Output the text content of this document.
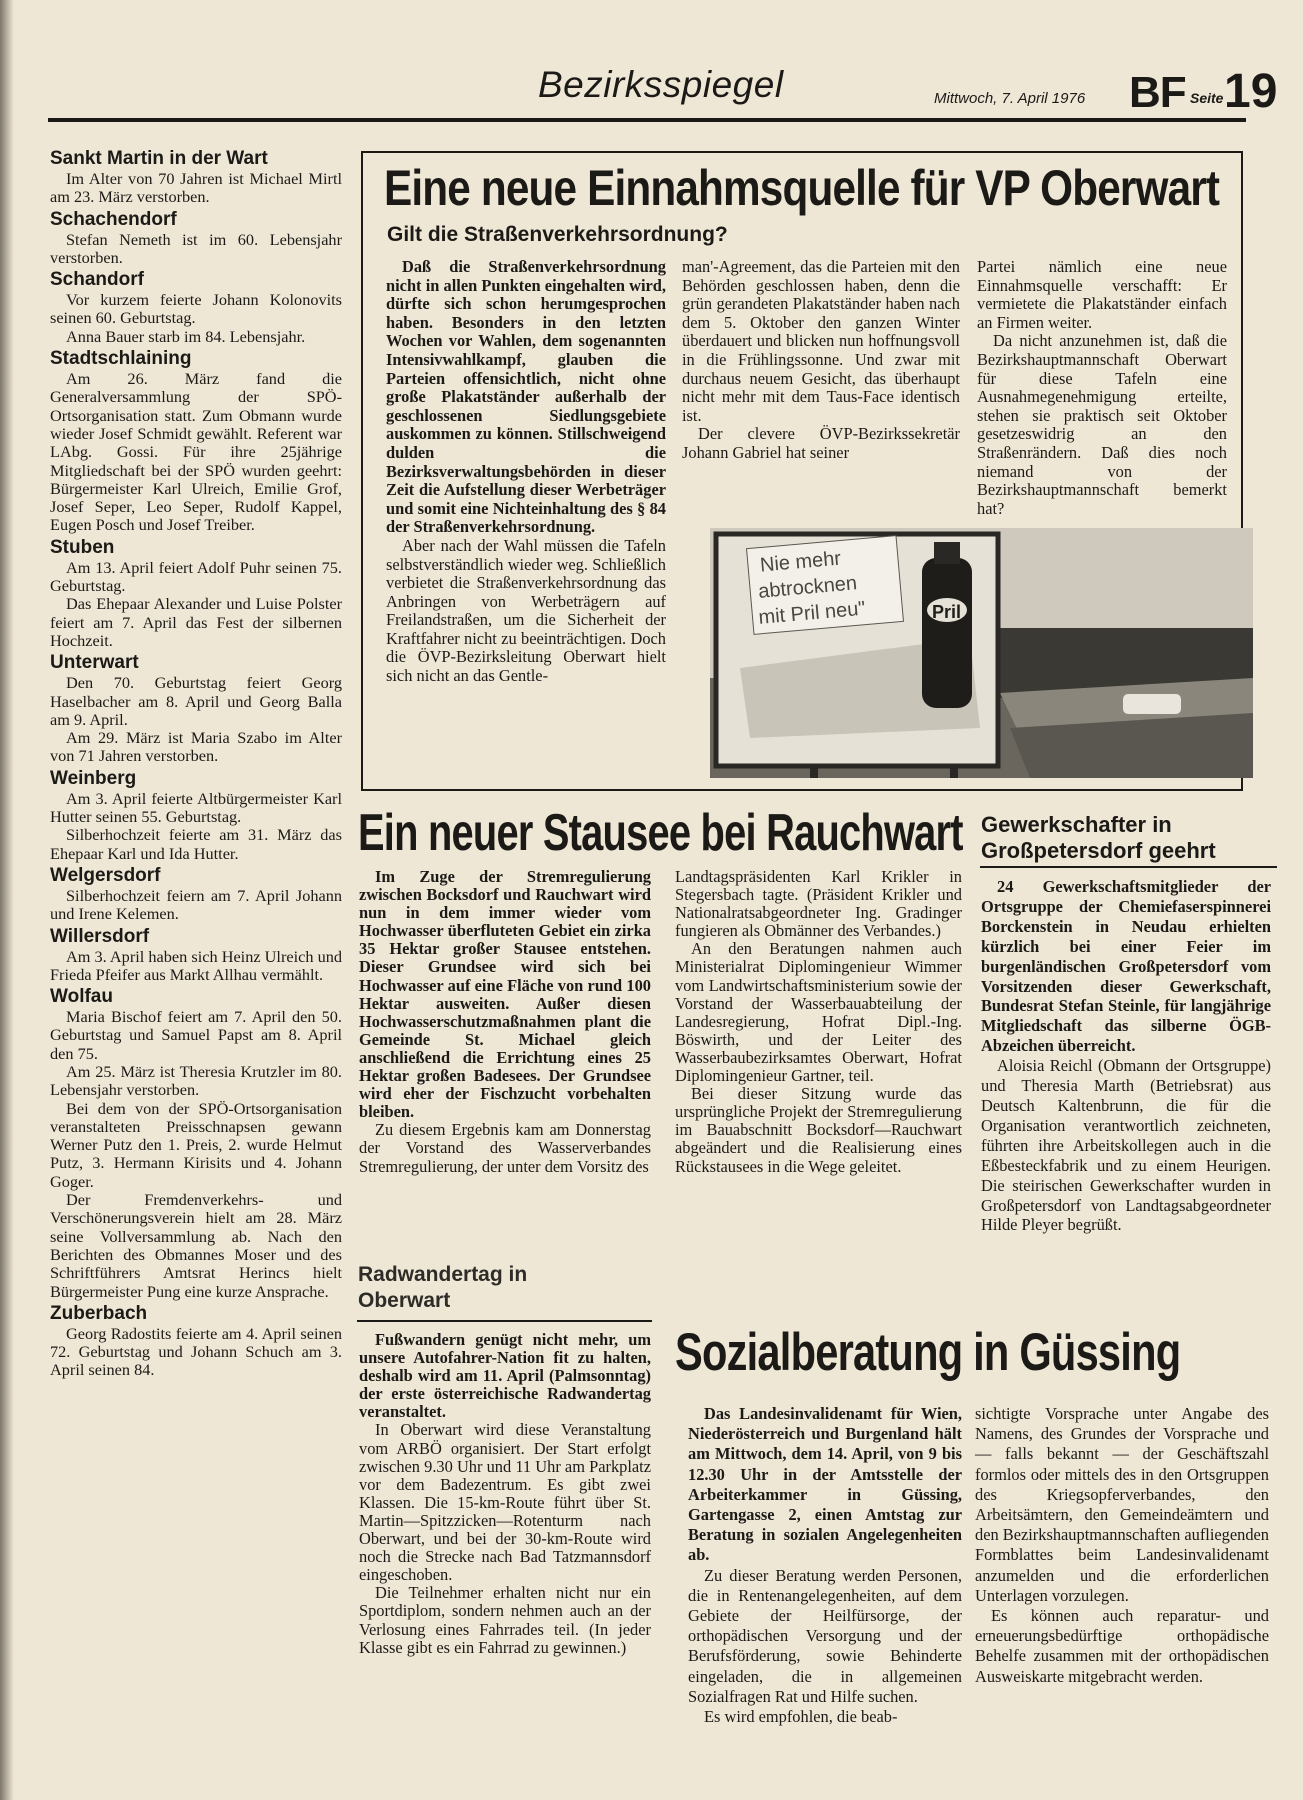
Bezirksspiegel	Mittwoch, 7. April 1976 BF Seite 19
Sankt Martin in der Wart

Im Alter von 70 Jahren ist Michael Mirtl am 23. März verstorben.

Schachendorf

Stefan Nemeth ist im 60. Lebensjahr verstorben.

Schandorf

Vor kurzem feierte Johann Kolonovits seinen 60. Geburtstag.

Anna Bauer starb im 84. Lebensjahr.

Stadtschlaining

Am 26. März fand die Generalversammlung der SPÖ-Ortsorganisation statt. Zum Obmann wurde wieder Josef Schmidt gewählt. Referent war LAbg. Gossi. Für ihre 25jährige Mitgliedschaft bei der SPÖ wurden geehrt: Bürgermeister Karl Ulreich, Emilie Grof, Josef Seper, Leo Seper, Rudolf Kappel, Eugen Posch und Josef Treiber.

Stuben

Am 13. April feiert Adolf Puhr seinen 75. Geburtstag.

Das Ehepaar Alexander und Luise Polster feiert am 7. April das Fest der silbernen Hochzeit.

Unterwart

Den 70. Geburtstag feiert Georg Haselbacher am 8. April und Georg Balla am 9. April.

Am 29. März ist Maria Szabo im Alter von 71 Jahren verstorben.

Weinberg

Am 3. April feierte Altbürgermeister Karl Hutter seinen 55. Geburtstag.

Silberhochzeit feierte am 31. März das Ehepaar Karl und Ida Hutter.

Welgersdorf

Silberhochzeit feiern am 7. April Johann und Irene Kelemen.

Willersdorf

Am 3. April haben sich Heinz Ulreich und Frieda Pfeifer aus Markt Allhau vermählt.

Wolfau

Maria Bischof feiert am 7. April den 50. Geburtstag und Samuel Papst am 8. April den 75.

Am 25. März ist Theresia Krutzler im 80. Lebensjahr verstorben.

Bei dem von der SPÖ-Ortsorganisation veranstalteten Preisschnapsen gewann Werner Putz den 1. Preis, 2. wurde Helmut Putz, 3. Hermann Kirisits und 4. Johann Goger.

Der Fremdenverkehrs- und Verschönerungsverein hielt am 28. März seine Vollversammlung ab. Nach den Berichten des Obmannes Moser und des Schriftführers Amtsrat Herincs hielt Bürgermeister Pung eine kurze Ansprache.

Zuberbach

Georg Radostits feierte am 4. April seinen 72. Geburtstag und Johann Schuch am 3. April seinen 84.

Eine neue Einnahmsquelle für VP Oberwart
Gilt die Straßenverkehrsordnung?

Daß die Straßenverkehrsordnung nicht in allen Punkten eingehalten wird, dürfte sich schon herumgesprochen haben. Besonders in den letzten Wochen vor Wahlen, dem sogenannten Intensivwahlkampf, glauben die Parteien offensichtlich, nicht ohne große Plakatständer außerhalb der geschlossenen Siedlungsgebiete auskommen zu können. Stillschweigend dulden die Bezirksverwaltungsbehörden in dieser Zeit die Aufstellung dieser Werbeträger und somit eine Nichteinhaltung des § 84 der Straßenverkehrsordnung.

Aber nach der Wahl müssen die Tafeln selbstverständlich wieder weg. Schließlich verbietet die Straßenverkehrsordnung das Anbringen von Werbeträgern auf Freilandstraßen, um die Sicherheit der Kraftfahrer nicht zu beeinträchtigen. Doch die ÖVP-Bezirksleitung Oberwart hielt sich nicht an das Gentle-

man'-Agreement, das die Parteien mit den Behörden geschlossen haben, denn die grün gerandeten Plakatständer haben nach dem 5. Oktober den ganzen Winter überdauert und blicken nun hoffnungsvoll in die Frühlingssonne. Und zwar mit durchaus neuem Gesicht, das überhaupt nicht mehr mit dem Taus-Face identisch ist.

Der clevere ÖVP-Bezirkssekretär Johann Gabriel hat seiner

Partei nämlich eine neue Einnahmsquelle verschafft: Er vermietete die Plakatständer einfach an Firmen weiter.

Da nicht anzunehmen ist, daß die Bezirkshauptmannschaft Oberwart für diese Tafeln eine Ausnahmegenehmigung erteilte, stehen sie praktisch seit Oktober gesetzeswidrig an den Straßenrändern. Daß dies noch niemand von der Bezirkshauptmannschaft bemerkt hat?

Nie mehr
abtrocknen
mit Pril neu"	Pril
Ein neuer Stausee bei Rauchwart

Im Zuge der Stremregulierung zwischen Bocksdorf und Rauchwart wird nun in dem immer wieder vom Hochwasser überfluteten Gebiet ein zirka 35 Hektar großer Stausee entstehen. Dieser Grundsee wird sich bei Hochwasser auf eine Fläche von rund 100 Hektar ausweiten. Außer diesen Hochwasserschutzmaßnahmen plant die Gemeinde St. Michael gleich anschließend die Errichtung eines 25 Hektar großen Badesees. Der Grundsee wird eher der Fischzucht vorbehalten bleiben.

Zu diesem Ergebnis kam am Donnerstag der Vorstand des Wasserverbandes Stremregulierung, der unter dem Vorsitz des

Landtagspräsidenten Karl Krikler in Stegersbach tagte. (Präsident Krikler und Nationalratsabgeordneter Ing. Gradinger fungieren als Obmänner des Verbandes.)

An den Beratungen nahmen auch Ministerialrat Diplomingenieur Wimmer vom Landwirtschaftsministerium sowie der Vorstand der Wasserbauabteilung der Landesregierung, Hofrat Dipl.-Ing. Böswirth, und der Leiter des Wasserbaubezirksamtes Oberwart, Hofrat Diplomingenieur Gartner, teil.

Bei dieser Sitzung wurde das ursprüngliche Projekt der Stremregulierung im Bauabschnitt Bocksdorf—Rauchwart abgeändert und die Realisierung eines Rückstausees in die Wege geleitet.

Gewerkschafter in Großpetersdorf geehrt

24 Gewerkschaftsmitglieder der Ortsgruppe der Chemiefaserspinnerei Borckenstein in Neudau erhielten kürzlich bei einer Feier im burgenländischen Großpetersdorf vom Vorsitzenden dieser Gewerkschaft, Bundesrat Stefan Steinle, für langjährige Mitgliedschaft das silberne ÖGB-Abzeichen überreicht.

Aloisia Reichl (Obmann der Ortsgruppe) und Theresia Marth (Betriebsrat) aus Deutsch Kaltenbrunn, die für die Organisation verantwortlich zeichneten, führten ihre Arbeitskollegen auch in die Eßbesteckfabrik und zu einem Heurigen. Die steirischen Gewerkschafter wurden in Großpetersdorf von Landtagsabgeordneter Hilde Pleyer begrüßt.

Radwandertag in Oberwart

Fußwandern genügt nicht mehr, um unsere Autofahrer-Nation fit zu halten, deshalb wird am 11. April (Palmsonntag) der erste österreichische Radwandertag veranstaltet.

In Oberwart wird diese Veranstaltung vom ARBÖ organisiert. Der Start erfolgt zwischen 9.30 Uhr und 11 Uhr am Parkplatz vor dem Badezentrum. Es gibt zwei Klassen. Die 15-km-Route führt über St. Martin—Spitzzicken—Rotenturm nach Oberwart, und bei der 30-km-Route wird noch die Strecke nach Bad Tatzmannsdorf eingeschoben.

Die Teilnehmer erhalten nicht nur ein Sportdiplom, sondern nehmen auch an der Verlosung eines Fahrrades teil. (In jeder Klasse gibt es ein Fahrrad zu gewinnen.)

Sozialberatung in Güssing

Das Landesinvalidenamt für Wien, Niederösterreich und Burgenland hält am Mittwoch, dem 14. April, von 9 bis 12.30 Uhr in der Amtsstelle der Arbeiterkammer in Güssing, Gartengasse 2, einen Amtstag zur Beratung in sozialen Angelegenheiten ab.

Zu dieser Beratung werden Personen, die in Rentenangelegenheiten, auf dem Gebiete der Heilfürsorge, der orthopädischen Versorgung und der Berufsförderung, sowie Behinderte eingeladen, die in allgemeinen Sozialfragen Rat und Hilfe suchen.

Es wird empfohlen, die beab-

sichtigte Vorsprache unter Angabe des Namens, des Grundes der Vorsprache und — falls bekannt — der Geschäftszahl formlos oder mittels des in den Ortsgruppen des Kriegsopferverbandes, den Arbeitsämtern, den Gemeindeämtern und den Bezirkshauptmannschaften aufliegenden Formblattes beim Landesinvalidenamt anzumelden und die erforderlichen Unterlagen vorzulegen.

Es können auch reparatur- und erneuerungsbedürftige orthopädische Behelfe zusammen mit der orthopädischen Ausweiskarte mitgebracht werden.
